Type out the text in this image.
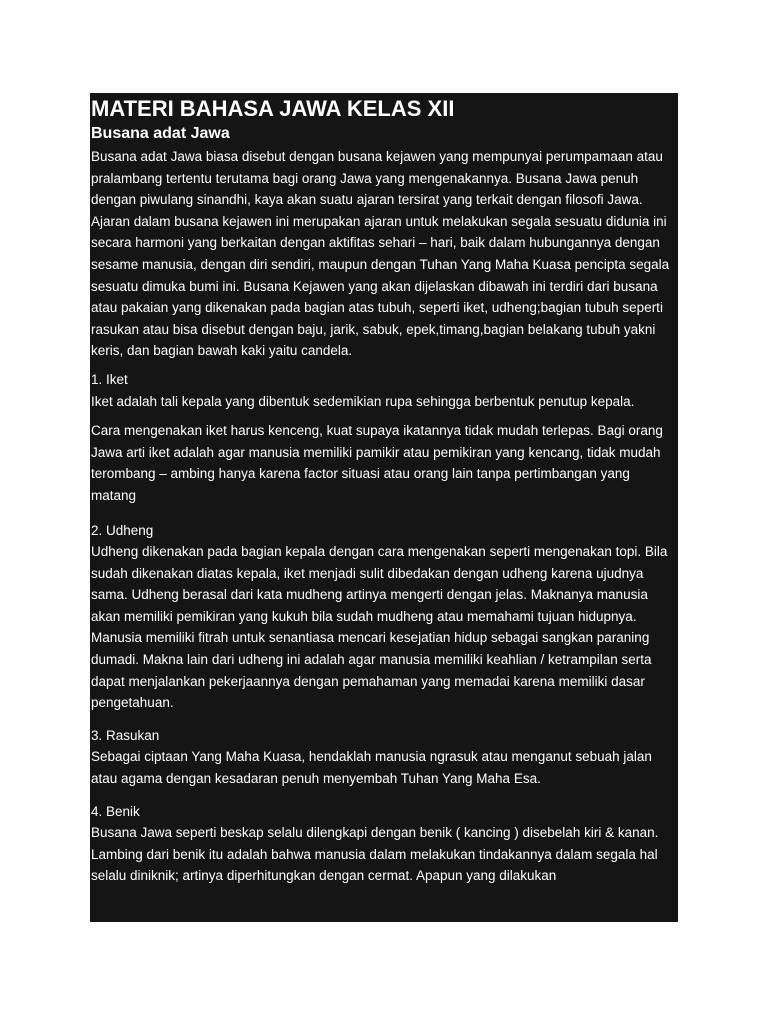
MATERI BAHASA JAWA KELAS XII
Busana adat Jawa

Busana adat Jawa biasa disebut dengan busana kejawen yang mempunyai perumpamaan atau pralambang tertentu terutama bagi orang Jawa yang mengenakannya. Busana Jawa penuh dengan piwulang sinandhi, kaya akan suatu ajaran tersirat yang terkait dengan filosofi Jawa. Ajaran dalam busana kejawen ini merupakan ajaran untuk melakukan segala sesuatu didunia ini secara harmoni yang berkaitan dengan aktifitas sehari – hari, baik dalam hubungannya dengan sesame manusia, dengan diri sendiri, maupun dengan Tuhan Yang Maha Kuasa pencipta segala sesuatu dimuka bumi ini. Busana Kejawen yang akan dijelaskan dibawah ini terdiri dari busana atau pakaian yang dikenakan pada bagian atas tubuh, seperti iket, udheng;bagian tubuh seperti rasukan atau bisa disebut dengan baju, jarik, sabuk, epek,timang,bagian belakang tubuh yakni keris, dan bagian bawah kaki yaitu candela.

1. Iket

Iket adalah tali kepala yang dibentuk sedemikian rupa sehingga berbentuk penutup kepala.

Cara mengenakan iket harus kenceng, kuat supaya ikatannya tidak mudah terlepas. Bagi orang Jawa arti iket adalah agar manusia memiliki pamikir atau pemikiran yang kencang, tidak mudah terombang – ambing hanya karena factor situasi atau orang lain tanpa pertimbangan yang matang

2. Udheng

Udheng dikenakan pada bagian kepala dengan cara mengenakan seperti mengenakan topi. Bila sudah dikenakan diatas kepala, iket menjadi sulit dibedakan dengan udheng karena ujudnya sama. Udheng berasal dari kata mudheng artinya mengerti dengan jelas. Maknanya manusia akan memiliki pemikiran yang kukuh bila sudah mudheng atau memahami tujuan hidupnya. Manusia memiliki fitrah untuk senantiasa mencari kesejatian hidup sebagai sangkan paraning dumadi. Makna lain dari udheng ini adalah agar manusia memiliki keahlian / ketrampilan serta dapat menjalankan pekerjaannya dengan pemahaman yang memadai karena memiliki dasar pengetahuan.

3. Rasukan

Sebagai ciptaan Yang Maha Kuasa, hendaklah manusia ngrasuk atau menganut sebuah jalan atau agama dengan kesadaran penuh menyembah Tuhan Yang Maha Esa.

4. Benik

Busana Jawa seperti beskap selalu dilengkapi dengan benik ( kancing ) disebelah kiri & kanan. Lambing dari benik itu adalah bahwa manusia dalam melakukan tindakannya dalam segala hal selalu diniknik; artinya diperhitungkan dengan cermat. Apapun yang dilakukan
